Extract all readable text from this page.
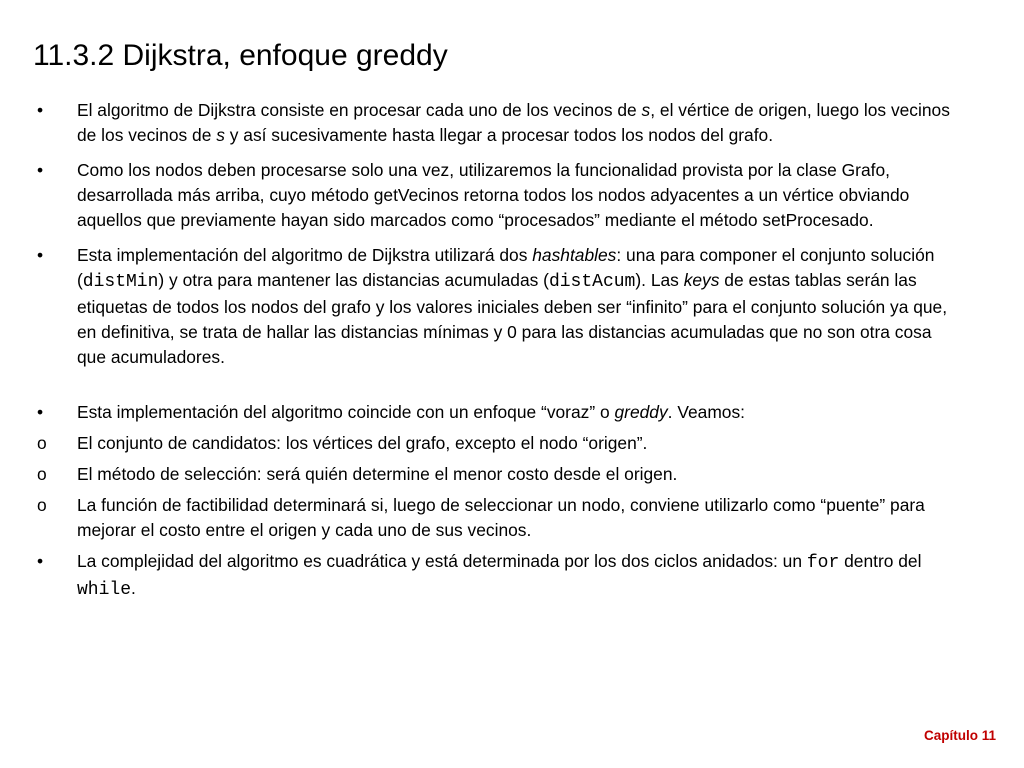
11.3.2 Dijkstra, enfoque greddy
•	El algoritmo de Dijkstra consiste en procesar cada uno de los vecinos de s, el vértice de origen, luego los vecinos de los vecinos de s y así sucesivamente hasta llegar a procesar todos los nodos del grafo.
•	Como los nodos deben procesarse solo una vez, utilizaremos la funcionalidad provista por la clase Grafo, desarrollada más arriba, cuyo método getVecinos retorna todos los nodos adyacentes a un vértice obviando aquellos que previamente hayan sido marcados como “procesados” mediante el método setProcesado.
•	Esta implementación del algoritmo de Dijkstra utilizará dos hashtables: una para componer el conjunto solución (distMin) y otra para mantener las distancias acumuladas (distAcum). Las keys de estas tablas serán las etiquetas de todos los nodos del grafo y los valores iniciales deben ser “infinito” para el conjunto solución ya que, en definitiva, se trata de hallar las distancias mínimas y 0 para las distancias acumuladas que no son otra cosa que acumuladores.
•	Esta implementación del algoritmo coincide con un enfoque “voraz” o greddy. Veamos:
o	El conjunto de candidatos: los vértices del grafo, excepto el nodo “origen”.
o	El método de selección: será quién determine el menor costo desde el origen.
o	La función de factibilidad determinará si, luego de seleccionar un nodo, conviene utilizarlo como “puente” para mejorar el costo entre el origen y cada uno de sus vecinos.
•	La complejidad del algoritmo es cuadrática y está determinada por los dos ciclos anidados: un for dentro del while.
Capítulo 11
